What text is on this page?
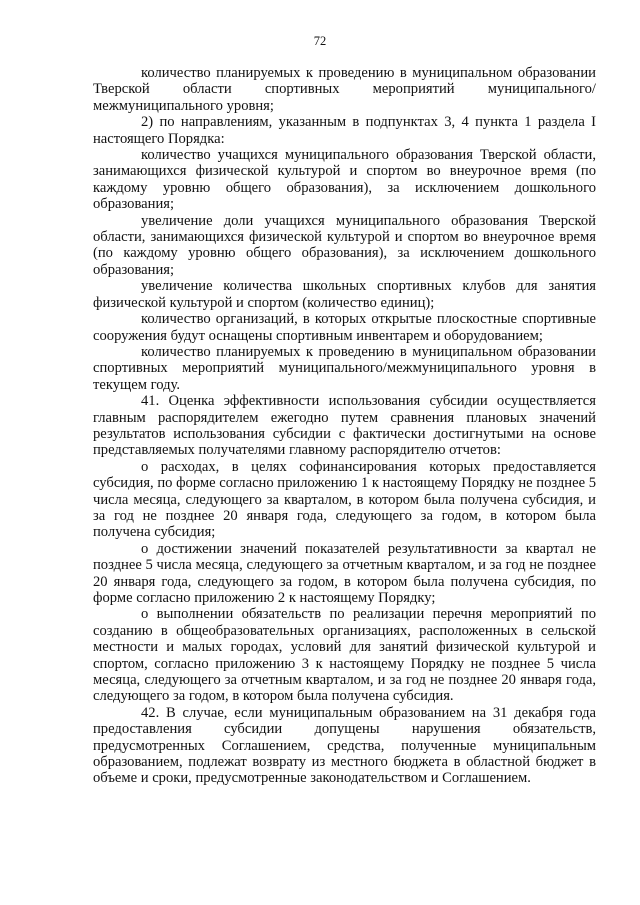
72

количество планируемых к проведению в муниципальном образовании Тверской области спортивных мероприятий муниципального/межмуниципального уровня;

2) по направлениям, указанным в подпунктах 3, 4 пункта 1 раздела I настоящего Порядка:

количество учащихся муниципального образования Тверской области, занимающихся физической культурой и спортом во внеурочное время (по каждому уровню общего образования), за исключением дошкольного образования;

увеличение доли учащихся муниципального образования Тверской области, занимающихся физической культурой и спортом во внеурочное время (по каждому уровню общего образования), за исключением дошкольного образования;

увеличение количества школьных спортивных клубов для занятия физической культурой и спортом (количество единиц);

количество организаций, в которых открытые плоскостные спортивные сооружения будут оснащены спортивным инвентарем и оборудованием;

количество планируемых к проведению в муниципальном образовании спортивных мероприятий муниципального/межмуниципального уровня в текущем году.

41. Оценка эффективности использования субсидии осуществляется главным распорядителем ежегодно путем сравнения плановых значений результатов использования субсидии с фактически достигнутыми на основе представляемых получателями главному распорядителю отчетов:

о расходах, в целях софинансирования которых предоставляется субсидия, по форме согласно приложению 1 к настоящему Порядку не позднее 5 числа месяца, следующего за кварталом, в котором была получена субсидия, и за год не позднее 20 января года, следующего за годом, в котором была получена субсидия;

о достижении значений показателей результативности за квартал не позднее 5 числа месяца, следующего за отчетным кварталом, и за год не позднее 20 января года, следующего за годом, в котором была получена субсидия, по форме согласно приложению 2 к настоящему Порядку;

о выполнении обязательств по реализации перечня мероприятий по созданию в общеобразовательных организациях, расположенных в сельской местности и малых городах, условий для занятий физической культурой и спортом, согласно приложению 3 к настоящему Порядку не позднее 5 числа месяца, следующего за отчетным кварталом, и за год не позднее 20 января года, следующего за годом, в котором была получена субсидия.

42. В случае, если муниципальным образованием на 31 декабря года предоставления субсидии допущены нарушения обязательств, предусмотренных Соглашением, средства, полученные муниципальным образованием, подлежат возврату из местного бюджета в областной бюджет в объеме и сроки, предусмотренные законодательством и Соглашением.
